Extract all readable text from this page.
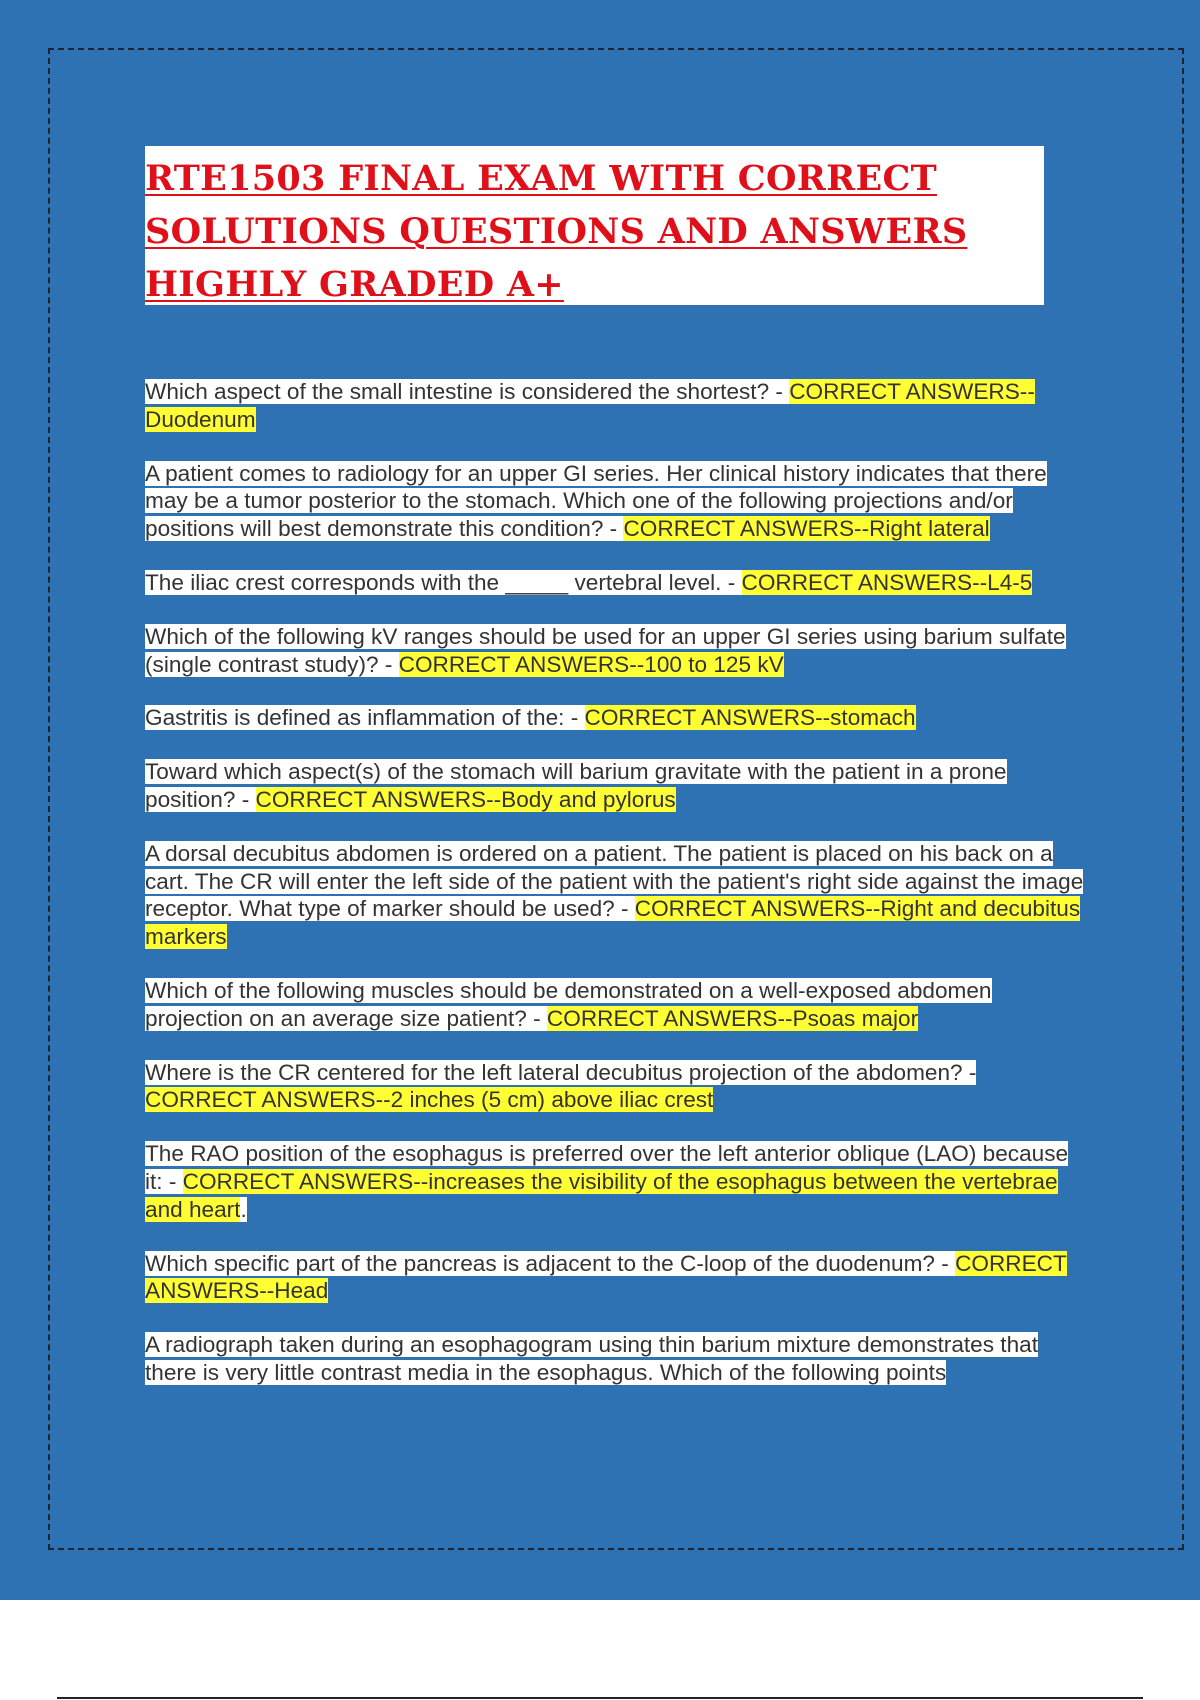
RTE1503 FINAL EXAM WITH CORRECT SOLUTIONS QUESTIONS AND ANSWERS HIGHLY GRADED A+

Which aspect of the small intestine is considered the shortest? - CORRECT ANSWERS--Duodenum

A patient comes to radiology for an upper GI series. Her clinical history indicates that there may be a tumor posterior to the stomach. Which one of the following projections and/or positions will best demonstrate this condition? - CORRECT ANSWERS--Right lateral

The iliac crest corresponds with the _____ vertebral level. - CORRECT ANSWERS--L4-5

Which of the following kV ranges should be used for an upper GI series using barium sulfate (single contrast study)? - CORRECT ANSWERS--100 to 125 kV

Gastritis is defined as inflammation of the: - CORRECT ANSWERS--stomach

Toward which aspect(s) of the stomach will barium gravitate with the patient in a prone position? - CORRECT ANSWERS--Body and pylorus

A dorsal decubitus abdomen is ordered on a patient. The patient is placed on his back on a cart. The CR will enter the left side of the patient with the patient's right side against the image receptor. What type of marker should be used? - CORRECT ANSWERS--Right and decubitus markers

Which of the following muscles should be demonstrated on a well-exposed abdomen projection on an average size patient? - CORRECT ANSWERS--Psoas major

Where is the CR centered for the left lateral decubitus projection of the abdomen? - CORRECT ANSWERS--2 inches (5 cm) above iliac crest

The RAO position of the esophagus is preferred over the left anterior oblique (LAO) because it: - CORRECT ANSWERS--increases the visibility of the esophagus between the vertebrae and heart.

Which specific part of the pancreas is adjacent to the C-loop of the duodenum? - CORRECT ANSWERS--Head

A radiograph taken during an esophagogram using thin barium mixture demonstrates that there is very little contrast media in the esophagus. Which of the following points
